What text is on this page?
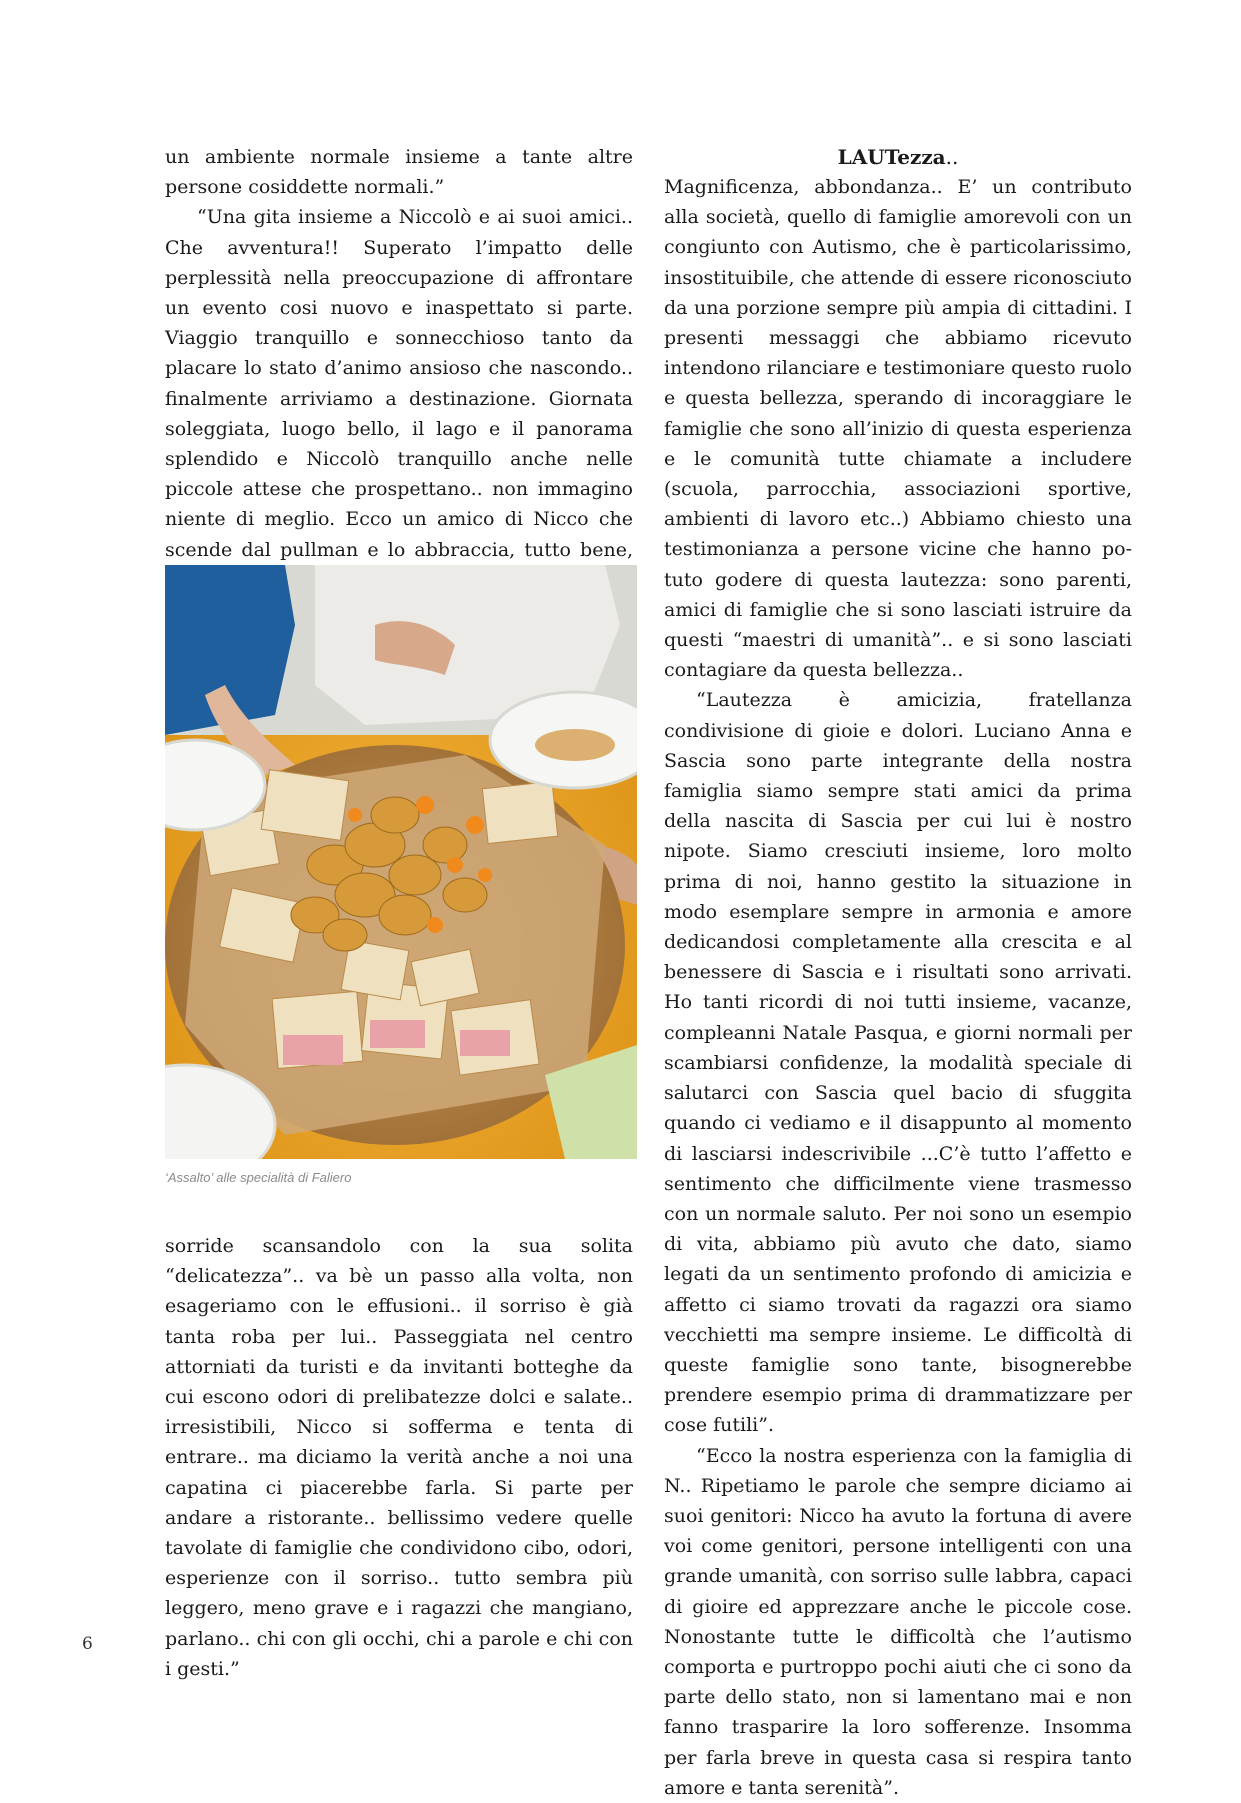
un ambiente normale insieme a tante altre persone cosiddette normali.”

“Una gita insieme a Niccolò e ai suoi amici.. Che avventura!! Superato l’impatto delle perplessità nella preoccupazione di affrontare un evento cosi nuovo e inaspettato si parte. Viaggio tranquillo e sonnecchioso tanto da placare lo stato d’animo ansioso che nascondo.. finalmente arriviamo a destinazione. Giornata soleggiata, luogo bello, il lago e il panorama splendido e Niccolò tranquillo anche nelle piccole attese che prospettano.. non immagino niente di meglio. Ecco un amico di Nicco che scende dal pullman e lo abbraccia, tutto bene,

‘Assalto’ alle specialità di Faliero

sorride scansandolo con la sua solita “delicatezza”.. va bè un passo alla volta, non esageriamo con le effusioni.. il sorriso è già tanta roba per lui.. Passeggiata nel centro attorniati da turisti e da invitanti botteghe da cui escono odori di prelibatezze dolci e salate.. irresistibili, Nicco si sofferma e tenta di entrare.. ma diciamo la verità anche a noi una capatina ci piacerebbe farla. Si parte per andare a ristorante.. bellissimo vedere quelle tavolate di famiglie che condividono cibo, odori, esperienze con il sorriso.. tutto sembra più leggero, meno grave e i ragazzi che mangiano, parlano.. chi con gli occhi, chi a parole e chi con i gesti.”

LAUTezza..

Magnificenza, abbondanza.. E’ un contributo alla società, quello di famiglie amorevoli con un congiunto con Autismo, che è particolarissimo, insostituibile, che attende di essere riconosciuto da una porzione sempre più ampia di cittadini. I presenti messaggi che abbiamo ricevuto intendono rilanciare e testimoniare questo ruolo e questa bellezza, sperando di incoraggiare le famiglie che sono all’inizio di questa esperienza e le comunità tutte chiamate a includere (scuola, parrocchia, associazioni sportive, ambienti di lavoro etc..) Abbiamo chiesto una testimonianza a persone vicine che hanno potuto godere di questa lautezza: sono parenti, amici di famiglie che si sono lasciati istruire da questi “maestri di umanità”.. e si sono lasciati contagiare da questa bellezza..

“Lautezza è amicizia, fratellanza condivisione di gioie e dolori. Luciano Anna e Sascia sono parte integrante della nostra famiglia siamo sempre stati amici da prima della nascita di Sascia per cui lui è nostro nipote. Siamo cresciuti insieme, loro molto prima di noi, hanno gestito la situazione in modo esemplare sempre in armonia e amore dedicandosi completamente alla crescita e al benessere di Sascia e i risultati sono arrivati. Ho tanti ricordi di noi tutti insieme, vacanze, compleanni Natale Pasqua, e giorni normali per scambiarsi confidenze, la modalità speciale di salutarci con Sascia quel bacio di sfuggita quando ci vediamo e il disappunto al momento di lasciarsi indescrivibile ...C’è tutto l’affetto e sentimento che difficilmente viene trasmesso con un normale saluto. Per noi sono un esempio di vita, abbiamo più avuto che dato, siamo legati da un sentimento profondo di amicizia e affetto ci siamo trovati da ragazzi ora siamo vecchietti ma sempre insieme. Le difficoltà di queste famiglie sono tante, bisognerebbe prendere esempio prima di drammatizzare per cose futili”.

“Ecco la nostra esperienza con la famiglia di N.. Ripetiamo le parole che sempre diciamo ai suoi genitori: Nicco ha avuto la fortuna di avere voi come genitori, persone intelligenti con una grande umanità, con sorriso sulle labbra, capaci di gioire ed apprezzare anche le piccole cose. Nonostante tutte le difficoltà che l’autismo comporta e purtroppo pochi aiuti che ci sono da parte dello stato, non si lamentano mai e non fanno trasparire la loro sofferenze. Insomma per farla breve in questa casa si respira tanto amore e tanta serenità”.

6
